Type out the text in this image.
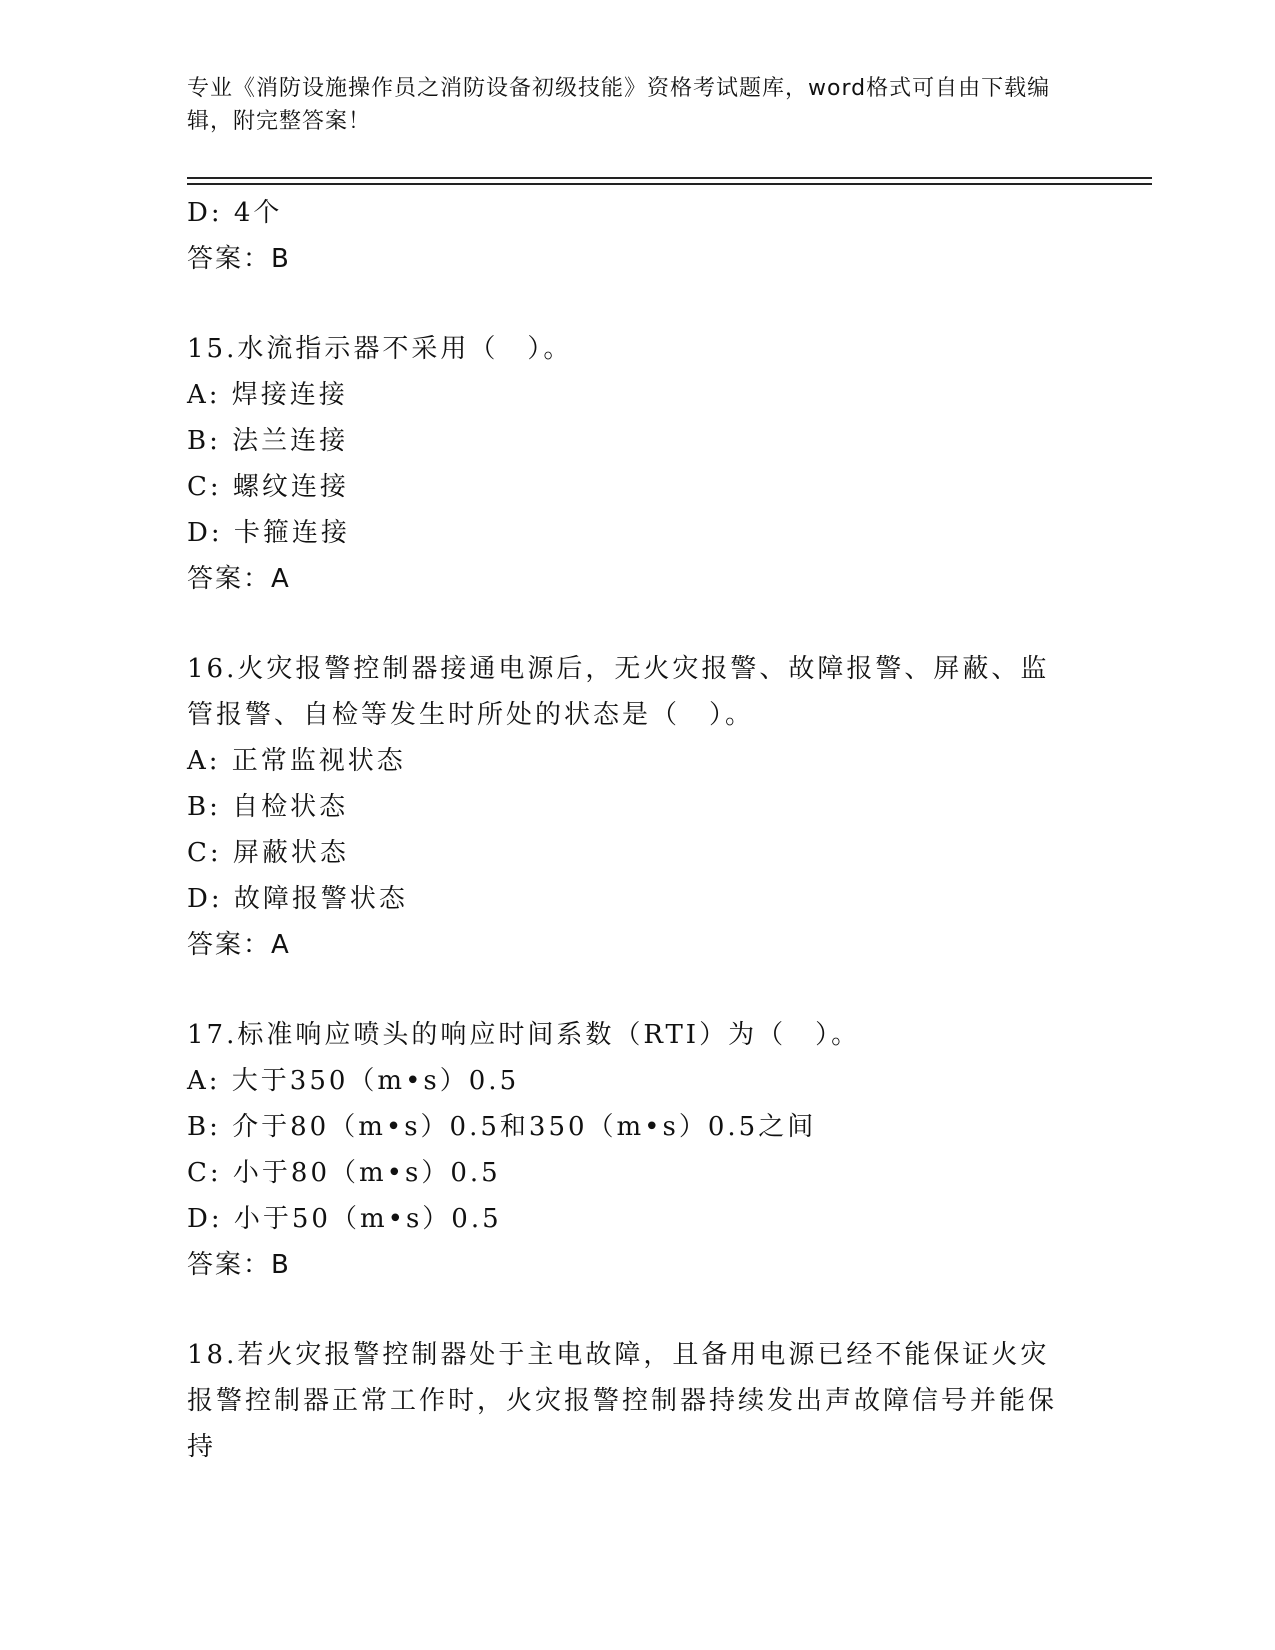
专业《消防设施操作员之消防设备初级技能》资格考试题库，word格式可自由下载编辑，附完整答案！
D: 4个
答案：B
15.水流指示器不采用（　）。
A: 焊接连接
B: 法兰连接
C: 螺纹连接
D: 卡箍连接
答案：A
16.火灾报警控制器接通电源后，无火灾报警、故障报警、屏蔽、监管报警、自检等发生时所处的状态是（　）。
A: 正常监视状态
B: 自检状态
C: 屏蔽状态
D: 故障报警状态
答案：A
17.标准响应喷头的响应时间系数（RTI）为（　）。
A: 大于350（m•s）0.5
B: 介于80（m•s）0.5和350（m•s）0.5之间
C: 小于80（m•s）0.5
D: 小于50（m•s）0.5
答案：B
18.若火灾报警控制器处于主电故障，且备用电源已经不能保证火灾报警控制器正常工作时，火灾报警控制器持续发出声故障信号并能保持
